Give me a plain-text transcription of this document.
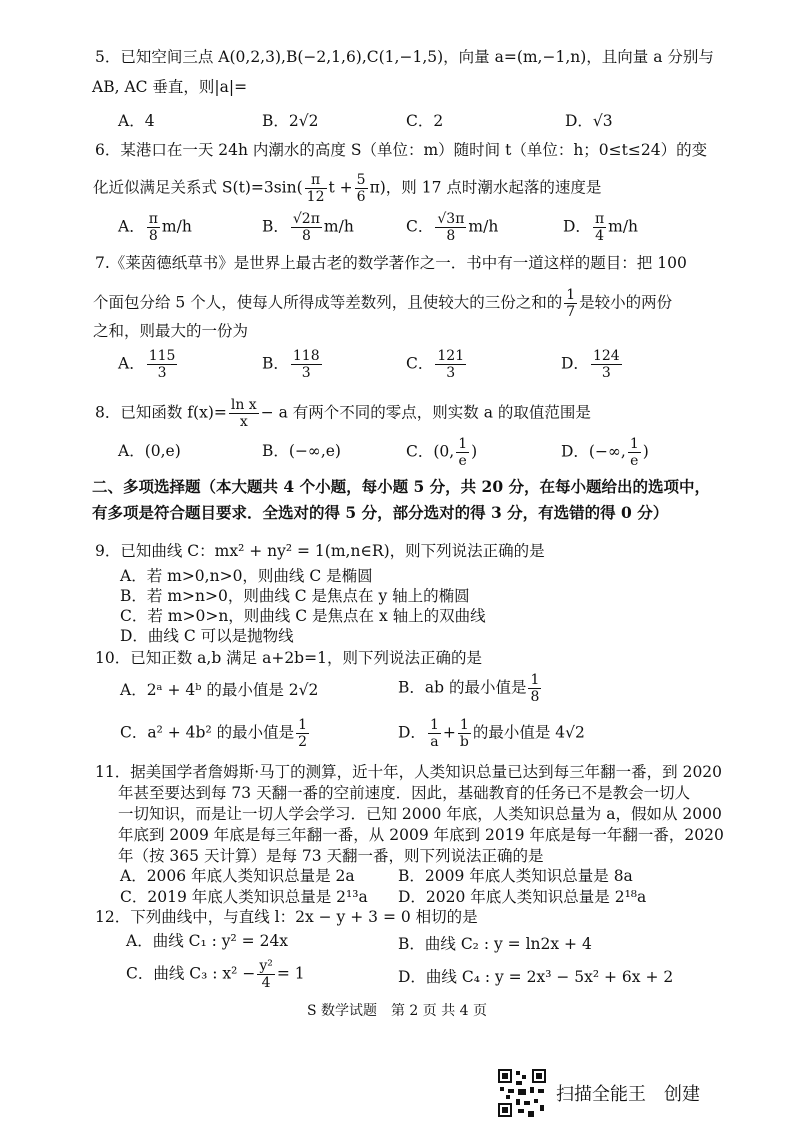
5．已知空间三点 A(0,2,3),B(−2,1,6),C(1,−1,5)，向量 a=(m,−1,n)，且向量 a 分别与
AB, AC 垂直，则|a|=
A．4	B．2√2	C．2	D．√3
6．某港口在一天 24h 内潮水的高度 S（单位：m）随时间 t（单位：h；0≤t≤24）的变
化近似满足关系式 $S(t)=3\sin( \frac{\pi}{12}$ $t + \frac{5}{6} \pi$)，则 17 点时潮水起落的速度是
A． $\frac{\pi}{8} m/h$	B． $\frac{√2\pi}{8} m/h$	C． $\frac{√3\pi}{8} m/h$	D． $\frac{\pi}{4} m/h$
7.《莱茵德纸草书》是世界上最古老的数学著作之一．书中有一道这样的题目：把 100
个面包分给 5 个人，使每人所得成等差数列，且使较大的三份之和的 $\frac{1}{7}$ 是较小的两份
之和，则最大的一份为
A． $\frac{115}{3}$	B． $\frac{118}{3}$	C． $\frac{121}{3}$	D． $\frac{124}{3}$
8．已知函数 $f(x)= \frac{\text{ln x}}{x} - a$ 有两个不同的零点，则实数 a 的取值范围是
A．(0,e)	B．(−∞,e)	C．(0, $\frac{1}{e}$ )	D．(−∞, $\frac{1}{e}$ )
二、多项选择题（本大题共 4 个小题，每小题 5 分，共 20 分，在每小题给出的选项中，
有多项是符合题目要求．全选对的得 5 分，部分选对的得 3 分，有选错的得 0 分）
9．已知曲线 C：mx² + ny² = 1(m,n∈R)，则下列说法正确的是
A．若 m>0,n>0，则曲线 C 是椭圆
B．若 m>n>0，则曲线 C 是焦点在 y 轴上的椭圆
C．若 m>0>n，则曲线 C 是焦点在 x 轴上的双曲线
D．曲线 C 可以是抛物线
10．已知正数 a,b 满足 a+2b=1，则下列说法正确的是
A．2ᵃ + 4ᵇ 的最小值是 2√2	B．ab 的最小值是 $\frac{1}{8}$
C．a² + 4b² 的最小值是 $\frac{1}{2}$	D． $\frac{1}{a} + \frac{1}{b}$ 的最小值是 4√2
11．据美国学者詹姆斯·马丁的测算，近十年，人类知识总量已达到每三年翻一番，到 2020
年甚至要达到每 73 天翻一番的空前速度．因此，基础教育的任务已不是教会一切人
一切知识，而是让一切人学会学习．已知 2000 年底，人类知识总量为 a，假如从 2000
年底到 2009 年底是每三年翻一番，从 2009 年底到 2019 年底是每一年翻一番，2020
年（按 365 天计算）是每 73 天翻一番，则下列说法正确的是
A．2006 年底人类知识总量是 2a	B．2009 年底人类知识总量是 8a
C．2019 年底人类知识总量是 2¹³a D．2020 年底人类知识总量是 2¹⁸a
12．下列曲线中，与直线 l：2x − y + 3 = 0 相切的是
A．曲线 C₁ : y² = 24x	B．曲线 C₂ : y = ln2x + 4
C．曲线 C₃ : $x^2 - \frac{\text{y²}}{4} = 1$	D．曲线 C₄ : y = 2x³ − 5x² + 6x + 2
S 数学试题　第 2 页 共 4 页
扫描全能王　创建
